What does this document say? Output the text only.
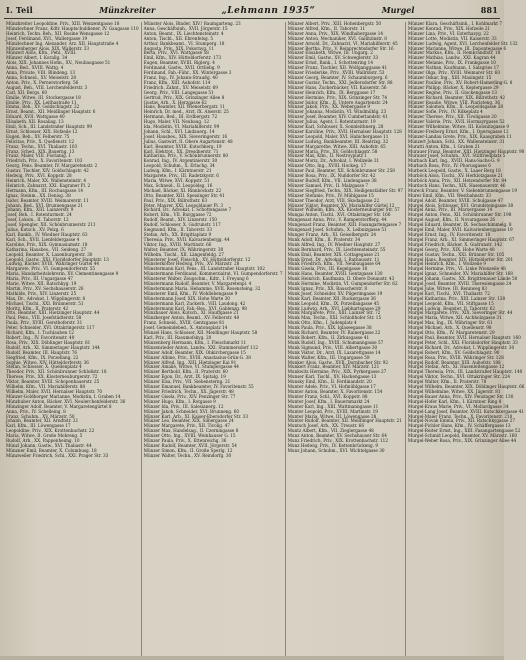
I. Teil	Münzkreiter	„Lehmann 1935“	Murgel	881

Münzkreiter Leopoldine, Priv., XIII. Wenzentgasse 18

Münzlechner Franz, Kdtr. Hauptschuldiener, IV. Gaugasse 110

Heinrich, Techn. Beh., XII. Rosine Wensgasse 12

Josef, Ferdinand, XVI., Wallergasse 19

Münzlechner Ing. Alexander, Arz. XII, Hauptstraße 4

Münzenberger Alois, XIX. Wallerstr. 33

Münzert Alois, Kfm., Pehl., XVIII.

Münzer Albert, I. Korallg. 34

Alois, XIX. Johannes Hofm., XV., Neubaugasse 51

Anna, Bed., XVIII. Wattg. 4

Anna, Private, VIII. Blindeng. 13

Anna, Schneid., XV. Meiselstr. 28

Anton, Priv., X. Pernerstorferg. 56

August, Beh., VIII. Lerchenfelderstr. 3

Carl, XII. Bergs. 60

Emilie, Witwe, III. Stockergasse 18

Emilie, Priv., XX. Leithastraße 11

Emma, Beh., XV. Goldschlagstr. 22

Ernst, Beamt., XII. Meidlinger Hauptstr. 6

Eduard, XVII. Wattgasse 40

Elisabeth, XII. Rosaliag. 13

Emil, Sch., III. Landstraßer Hauptstr. 99

Ernst, Schlosser, XIX. Hofzeile 12

Eugen, Beh., XV. Felberstr. 75

Felicitas, Priv., X. Quellenstr. 12

Franz, Techn., XVI. Thaliastr. 103

Franz, Sched., XIX. Bauerng. 13

Franz, Maler, VIII. Florianig. 1

Friedrich, Priv., X. Favoritenstr. 103

Georg, Pens. Beamter, IV. Margaretenstr. 2

Gustav, Tischler, XIV. Goldschlagstr. 42

Hedwig, Priv., XVI. Koppstr. 28

Heinrich, Maler, XX. Wallensteinstr. 4

Heinrich, Zahnarzt, XXI. Kagraner Pl. 2

Hermann, Kfm., III. Rochusgasse 14

Ignaz, Steinm., XX. Denisg. 38

Isidor, Beamter, XVIII. Weimarerstr. 11

Johann, Bed., XVI. Brunnengasse 21

Johann, Kfm., XIII. Lainzerstr. 9

Josef, Beh., I. Rotenturmstr. 24

Josef, Lokom., II. Taborstr. 12

Josef, Spengler, XII. Schönbrunnerstr. 211

Julius, Kutsch., XV. Pelzg. 6

Karl, Bankb., IV. Wiedner Hauptstr. 63

Karl, Sch., XVII. Lienfeldergasse 4

Karoline, Priv., XIX. Gymnasiumstr. 18

Katharina, Hausbes., VII. Seideng. 27

Leopold, Beamter, X. Laxenburgerstr. 30

Leopold, Gastw., XXI. Floridsdorfer Hauptstr. 13

Ludwig, Bäcker, XVIII. Währinger Gürtel 44

Margarete, Priv., VI. Gumpendorferstr. 55

Maria, Handarbeitslehrerin, XV. Clementinengasse 9

Maria, Priv., III. Ungargasse 47

Marie, Witwe, XII. Ratschkyg. 19

Martin, Priv., XV. Sechshauserstr. 26

Mathilde, Priv., XIV. Linzerstr. 25

Max, Dr., Advokat, I. Wipplingerstr. 8

Michael, Tischl., XXI. Brünnerstr. 51

Moritz, Kfm., II. Praterstr. 42

Otto, Beamter, XIII. Hietzinger Hauptstr. 44

Paul, Pens., VIII. Josefstädterstr. 58

Paula, Priv., XVIII. Gersthoferstr. 31

Peter, Schneider, XVI. Ottakringerstr. 117

Richard, Kfm., I. Tuchlauben 12

Robert, Ing., IV. Favoritenstr. 40

Rosa, Priv., XIX. Döblinger Hauptstr. 81

Rudolf, Arb., XI. Simmeringer Hauptstr. 144

Rudolf, Beamter, III. Hauptstr. 76

Siegfried, Kfm., IX. Porzellang. 22

Sophie, Witwe, XIV. Hütteldorferstr. 36

Stefan, Schlosser, X. Quellenplatz 4

Theodor, Priv., XII. Schönbrunner Schloßstr. 18

Therese, Priv., XX. Klosterneuburgerstr. 72

Viktor, Beamter, XVIII. Schopenhauerstr. 25

Wilhelm, Kfm., VII. Mariahilferstr. 88

Wilhelm, Maler, XVII. Hernalser Hauptstr. 70

Münzer-Goldberger Marianne, Modistin, I. Graben 14

Münzhuber Anton, Bäcker, XVI. Neulerchenfelderstr. 36

Münzinger Adolf, Beamter, V. Margaretengürtel 8

Anna, Priv., IV. Schelleing. 8

Franz, Schuhm., XV. Märzstr. 50

Johann, Beamter, XII. Arndtstr. 21

Karl, Kfm., III. Löwengasse 17

Leopoldine, Priv., XIX. Krottenbachstr. 22

Maria, Witwe, II. Große Mohreng. 5

Rudolf, Arb., XX. Pappenheimg. 10

Münzl Johann, Gastw., XVI. Thaliastr. 44

Münzner Emil, Beamter, X. Columbusg. 18

Münzweiler Friedrich, Schl., XXI. Prager Str. 33

Münster Alois, Binder, XIV.! Baumgarteng. 23

Anna, Geschäftsinh., XVII. Jörgerstr. 15

Anton, Beamt., IX. Liechtensteinstr. 4

Anton, Tischl., XII. Ehrenfelsg. 5

Arthur, Bankbeamt., VI. Stumperg. 18

Augusta, Priv., XIX. Pokornyg. 11

Berta, Priv., XVI. Wattgasse 58

Emil, Kfm., XIV. Hütteldorferstr. 173

Eugen, Beamter, XVIII. Riglerg. 4

Ferdinand, Gastw., XVII. Ortliebg. 9

Ferdinand, Fab.-Führ., XX. Wintergasse 3

Franz, Ing., IV. Johann-Straußg. 40

Franz, Kfm., XIII. Auhofstr. 114

Friedrich, Zahnt., XV. Meiselstr. 69

Georg, Priv., VIII. Langegasse 51

Gertrud, Priv., XIX. Grinzinger Allee 8

Gustav, Arb., X. Herzgasse 62

Hans, Beamter, XII. Wienerbergstr. 11

Heinrich, Dr. med., Arzt, IX. Alserstr. 25

Hermann, Bed., III. Erdbergstr. 72

Hugo, Maler, VII. Neubaug. 12

Ida, Modistin, VI. Mariahilferstr. 99

Johann, Schl., XVI. Lindauerg. 14

Josef, Hausbes., XIX. Sieveringerstr. 16

Julius, Gastwirt, II. Obere Augartenstr. 48

Karl, Beamter, XVIII. Kutschkerg. 19

Karl, Elektrot., XX. Dresdnerstr. 71

Katharina, Priv., V. Schönbrunnerstr. 80

Konrad, Ing., IV. Argentinierstr. 30

Leopold, Schuhm., X. Erlachg. 34

Ludwig, Kfm., I. Kärntnerstr. 21

Margarete, Priv., III. Radetzkystr. 6

Maria, Witwe, XVI. Koppstr. 51

Max, Schneid., II. Leopoldsg. 16

Michael, Bäcker, XI. Rinnböckstr. 22

Otto, Beamter, XIII. Speisinger Str. 41

Paul, Priv., XIX. Billrothstr. 63

Peter, Maurer, XXI. Leopoldauer Pl. 3

Richard, Dr., Advokat, I. Schottengasse 7

Robert, Kfm., VII. Burggasse 72

Rudolf, Beamt., XIV. Linzerstr. 150

Rudolf, Schlosser, X. Gudrunstr. 117

Siegmund, Kfm., II. Taborstr. 33

Stefan, Arb., XX. Brigittaplatz 9

Theresia, Priv., XVII. Kalvarienbergg. 44

Viktor, Ing., XVIII. Martinstr. 66

Walter, Beamter, IX. Währingerstr. 38

Wilhelm, Tischl., XII. Längenfeldg. 27

Münsterer Josef, Fleischh., XV. Hütteldorferstr. 12

Münsterkötter Hedwig, Priv., XV. Märzstr. 28

Münstermann Karl, Pens., III. Landstraßer Hauptstr. 102

Münstermann Ferdinand, Kommerzialrat, VI. Gumpendorferstr. 7

Münsterer Walter, Zeugschm., Kdtr., I. Freyung 6

Münstermann Rudolf, Beamter, V. Margaretenpl. 4

Münstermann Maria, Hebamme, XVII. Rosensteing. 32

Münsterer Emil, Kfm., IV. Wohllebengasse 9

Münstermann Josef, XIX. Hohe Warte 30

Münstermann Karl, Zuckerb., VIII. Laudong. 42

Münstermann Karl, Fab.-Bes., XVI. Gablenzg. 98

Münzbauer Alois, Kutsch., XI. Hauffgasse 21

Münzberger Anton, Beamt., XV. Felberstr. 48

Franz, Schneid., XVIII. Gentzgasse 81

Josef, Gemeindebed., X. Antonsplatz 14

Münzel Hans, Schlosser, XII. Meidlinger Hauptstr. 58

Karl, Priv., III. Rasumofskyg. 20

Münzenberg Hermann, Kfm., I. Fleischmarkt 11

Münzenrieder Anton, Landw., XXI. Stammersdorf 112

Münzer Adolf, Beamter, XIX. Obkirchergasse 15

Münzer Albine, Priv., XVIII. Anastasius-Grün-G. 38

Münzer Alfred, Ing., XIII. Hietzinger Kai 91

Münzer Amalie, Witwe, VI. Stumpergasse 44

Münzer Berthold, Kfm., II. Praterstr. 60

Münzer Egon, Dr., Arzt, IX. Spitalg. 19

Münzer Elsa, Priv., VII. Siebensterng. 21

Münzer Emanuel, Bankbeamter, IV. Favoritenstr. 55

Münzer Friedrich, Techn., XX. Jägerstr. 48

Münzer Gisela, Priv., XIV. Penzinger Str. 77

Münzer Hugo, Kfm., I. Rotgasse 9

Münzer Ida, Priv., III. Salesianerg. 12

Münzer Jakob, Schneider, XVI. Brunneng. 60

Münzer Karl, Arb., XI. Kaiser-Ebersdorfer Str. 33

Münzer Leo, Beamter, XIX. Silbergasse 24

Münzer Margarete, Priv., XII. Tivolig. 47

Münzer Max, Handelsag., II. Czerningasse 8

Münzer Otto, Ing., XVIII. Weinhauser G. 15

Münzer Paula, Priv., X. Ettenreichg. 36

Münzer Rudolf, Beamter, XVII. Jörgerstr. 54

Münzer Simon, Kfm., II. Große Sperlg. 12

Münzer Walter, Techn., XV. Reindorfg. 30

Münzer Albert, Priv., XIII. Hohenbergstr. 50

Münzer Alfred, Kfm., II. Taborstr. 11

Münzer Anna, Priv., XIX. Windhabergasse 14

Münzer Anton, Mechaniker, XVI. Gallitzinstr. 8

Münzer Arnold, Dr., Zahnarzt, VI. Mariahilferstr. 45

Münzer Bertha, Priv., V. Reinprechtsdorfer Str. 16

Münzer Elisabeth, Witwe, III. Ungarg. 2

Münzer Emil, Gastw., XV. Schweglerstr. 33

Münzer Ernst, Bank., I. Schottenring 14

Münzer Franz, Tischler, XII. Wolfganggasse 41

Münzer Friederike, Priv., XVIII. Wallrißstr. 53

Münzer Georg, Beamter, IV. Schaumburgerg. 6

Münzer Gustav, Techn., XXI. Jedlersdorfer Str. 88

Münzer Hans, Zuckerbäcker, VII. Kaiserstr. 56

Münzer Heinrich, Kfm., IX. Berggasse 17

Münzer Hermine, Priv., XIX. Grinzinger Str. 74

Münzer Isidor, Kfm., II. Untere Augartenstr. 24

Münzer Jakob, Priv., XX. Webergasse 9

Münzer Johanna, Modistin, VI. Windmühlg. 23

Münzer Josef, Beamter, XIV. Cumberlandstr. 41

Münzer Julius, Agent, I. Rotenturmstr. 19

Münzer Karl, Schlosser, X. Sonnleithnerg. 28

Münzer Karoline, Priv., XVII. Hernalser Hauptstr. 128

Münzer Leopold, Maler, XVI. Habichergasse 11

Münzer Ludwig, Bankbeamter, III. Beatrixg. 32

Münzer Margarethe, Witwe, XIII. Auhofstr. 65

Münzer Maria, Priv., XV. Goldschlagstr. 58

Münzer Max, Kfm., II. Nestroyplatz 1

Münzer Moriz, Dr., Advokat, I. Wollzeile 31

Münzer Otto, Ing., XVIII. Hockeg. 17

Münzer Paul, Beamter, XII. Schönbrunner Str. 258

Münzer Rosa, Priv., IX. Nußdorfer Str. 42

Münzer Rudolf, Kfm., VII. Lindengasse 38

Münzer Samuel, Priv., II. Malzgasse 7

Münzer Siegfried, Techn., XIX. Heiligenstädter Str. 97

Münzer Stefanie, Priv., IV. Mühlgasse 15

Münzer Theodor, Arzt, VIII. Skodagasse 22

Münzer Viktor, Beamter, XV. Mariahilfer Gürtel 12

Münzer Wilhelm, Kfm., XX. Klosterneuburger Str. 57

Mungai Anton, Tischl., XVI. Ottakringer Str. 166

Mungenast Anna, Priv., V. Ramperstorfferg. 44

Mungenast Franz, Beamter, XIII. Fasangartengasse 7

Mungenast Josef, Schuhm., X. Leibnizgasse 51

Munger Franz, Arb., XI. Geiselbergstr. 24

Munk Adolf, Kfm., II. Praterstr. 34

Munk Alfred, Ing., IV. Wiedner Hauptstr. 27

Munk Bernhard, Priv., IX. Liechtensteinstr. 55

Munk Emil, Beamter, XIX. Cottagegasse 21

Munk Ernst, Dr., Advokat, I. Rathausstr. 11

Munk Friedrich, Kfm., VII. Neubaugasse 64

Munk Gisela, Priv., III. Kegelgasse 18

Munk Hans, Beamter, XVIII. Gentzgasse 130

Munk Heinrich, Kaufmann, II. Obere Donaustr. 43

Munk Hermine, Modistin, VI. Gumpendorfer Str. 62

Munk Ignaz, Priv., XX. Rauscherstr. 8

Munk Josef, Schneider, XV. Pilgerimgasse 19

Munk Karl, Beamter, XII. Ruckergasse 36

Munk Leopold, Kfm., IX. Porzellangasse 45

Munk Ludwig, Arb., XVI. Liebhartsgasse 29

Munk Margarete, Priv., XIII. Lainzer Str. 72

Munk Max, Techn., XXI. Schloßhofer Str. 15

Munk Otto, Kfm., I. Judenplatz 4

Munk Paula, Priv., XIX. Iglaseegasse 38

Munk Richard, Beamter, IV. Rainergasse 22

Munk Robert, Kfm., II. Zirkusgasse 41

Munk Rudolf, Ing., XVIII. Schumanngasse 57

Munk Sigmund, Priv., VIII. Albertgasse 30

Munk Viktor, Dr., Arzt, IX. Lazarettgasse 14

Munk Walter, Kfm., III. Ungargasse 59

Munker Alois, Gastw., XVII. Dornbacher Str. 92

Munkert Franz, Beamter, XIV. Märzstr. 121

Munkwitz Hermine, Priv., XIX. Pyrkergasse 27

Munser Karl, Tischl., XV. Hackengasse 13

Munsky Emil, Kfm., II. Ferdinandstr. 20

Munter Adele, Priv., VI. Hofmühlgasse 17

Munter Anton, Beamter, X. Favoritenstr. 154

Munter Franz, Schl., XVI. Koppstr. 88

Munter Josef, Kfm., I. Bauernmarkt 24

Munter Karl, Ing., XIII. Wattmanngasse 11

Munter Leopold, Priv., XVIII. Martinstr. 19

Munter Maria, Witwe, III. Löwengasse 28

Munter Rudolf, Beamter, XII. Meidlinger Hauptstr. 21

Muntsch Josef, Arb., XX. Treustr. 66

Muntz Albert, Kfm., VII. Zieglergasse 48

Munz Anton, Beamter, XV. Sechshauser Str. 64

Munz Friedrich, Priv., XIX. Krottenbachstr. 112

Munz Hedwig, Priv., IV. Kettenbrückeng. 9

Munz Johann, Schuhm., XVI. Wichtelgasse 30

Münzer Klara, Geschäftsinh., I. Kohlmarkt 7

Münzer Konrad, Priv., XIX. Hofzeile 21

Münzer Lina, Priv., VI. Esterhazyg. 22

Münzer Lotte, Modistin, VII. Kaiserstr. 33

Münzer Ludwig, Agent, XVI. Lerchenfelder Str. 132

Münzer Marianne, Witwe, III. Dapontegasse 6

Münzer Markus, Kfm., II. Rembrandtstr. 18

Münzer Mathias, Landw., XXI. Kagran 44

Münzer Melanie, Priv., IX. Frankgasse 10

Münzer Nathan, Kaufmann, I. Salzgries 17

Münzer Olga, Priv., XVIII. Weimarer Str. 60

Münzer Oskar, Ing., XIII. Maxingstr. 15

Münzer Pauline, Priv., XV. Robert-Hamerling-G. 8

Münzer Philipp, Bäcker, X. Keplergasse 29

Münzer Regine, Priv., II. Glockengasse 13

Münzer Richard, Beamter, XIX. Billrothstr. 42

Münzer Rosalie, Witwe, VIII. Piaristeng. 36

Münzer Salomon, Kfm., II. Leopoldsgasse 28

Münzer Sofie, Priv., IV. Rilkeplatz 4

Münzer Therese, Priv., XII. Tivoligasse 20

Münzer Valerie, Priv., XVII. Hormayrgasse 52

Münzer Wilhelmine, Witwe, III. Kolonitzgasse 9

Münzer-Freiberg Ernst, Kfm., I. Operngasse 12

Münzer-Landau Grete, Priv., XIX. Kaasgraben 11

Münzert Johann, Schl., XX. Wallensteinstr. 31

Muratti Anton, Kfm., I. Graben 21

Murauer Franz, Beamter, XIII. Hietzinger Hauptstr. 90

Murauer Josef, Schuhm., XVI. Stillfriedplatz 5

Murbach Karl, Ing., XVIII. Hans-Sachs-G. 9

Murbach Rosa, Priv., IV. Phorusgasse 6

Murbeck Leopold, Gastw., X. Laaer Berg 18

Murböck Alois, Tischl., XV. Herklotzgasse 21

Murböck Anna, Priv., XII. Hetzendorfer Str. 84

Murdoch Hans, Techn., XIX. Hasenauerstr. 46

Mureck Franz, Beamter, V. Siebenbrunnengasse 19

Murer Emil, Kfm., VII. Westbahnstr. 33

Murgel Adolf, Beamter, XVIII. Schulgasse 47

Murgel Alois, Schlosser, XVI. Grundsteingasse 38

Murgel Anna, Priv., III. Marxergasse 14

Murgel Anton, Pens., XII. Schönbrunner Str. 198

Murgel August, Kfm., II. Novaragasse 26

Murgel Eduard, Beamter, IX. Sechsschimmelg. 8

Murgel Emil, Maler, XVII. Kalvarienberggasse 19

Murgel Ernst, Ing., IV. Favoritenstr. 18

Murgel Franz, Arb., XI. Simmeringer Hauptstr. 67

Murgel Friedrich, Bäcker, X. Gudrunstr. 142

Murgel Georg, Priv., XIX. Hohe Warte 48

Murgel Gustav, Techn., XXI. Brünner Str. 105

Murgel Hans, Beamter, XIV. Hütteldorfer Str. 201

Murgel Heinrich, Kfm., I. Wollzeile 9

Murgel Hermine, Priv., VI. Linke Wienzeile 48

Murgel Ignaz, Schneider, XV. Mariahilfer Str. 168

Murgel Johann, Gastw., XX. Brigittenauer Lände 50

Murgel Josef, Beamter, XVIII. Theresiengasse 24

Murgel Julie, Witwe, III. Rennweg 83

Murgel Karl, Tischl., XVI. Thaliastr. 72

Murgel Katharina, Priv., XIII. Lainzer Str. 138

Murgel Leopold, Kfm., VII. Stiftgasse 15

Murgel Ludwig, Beamter, II. Taborstr. 62

Murgel Margarete, Priv., XIX. Sieveringer Str. 44

Murgel Maria, Witwe, XII. Aichholzgasse 31

Murgel Max, Ing., IX. Währinger Str. 61

Murgel Michael, Arb., X. Quellenstr. 98

Murgel Otto, Kfm., IV. Margaretenstr. 29

Murgel Paul, Beamter, XVII. Hernalser Hauptstr. 160

Murgel Peter, Schl., XXI. Floridsdorfer Hauptstr. 33

Murgel Richard, Dr., Advokat, I. Wipplingerstr. 30

Murgel Robert, Kfm., XV. Goldschlagstr. 90

Murgel Rosa, Priv., XVIII. Währinger Str. 128

Murgel Rudolf, Beamter, XIII. Auhofstr. 188

Murgel Stefan, Arb., XI. Hasenleitengasse 12

Murgel Theresia, Priv., III. Landstraßer Hauptstr. 140

Murgel Viktor, Techn., XVI. Ottakringer Str. 224

Murgel Walter, Kfm., II. Praterstr. 78

Murgel Wilhelm, Beamter, XIX. Döblinger Hauptstr. 66

Murgel Wilhelmine, Witwe, XX. Jägerstr. 81

Murgel-Bauer Anna, Priv., XIV. Penzinger Str. 130

Murgel-Hofer Karl, Kfm., I. Kärntner Ring 8

Murgel-Kraus Marie, Priv., VI. Mollardgasse 34

Murgel-Lang Josef, Beamter, XVIII. Kutschkergasse 41

Murgel-Maier Franz, Techn., X. Favoritenstr. 210

Murgel-Novak Emma, Priv., XII. Ratschkygasse 27

Murgel-Pichler Hans, Kfm., IV. Schäffergasse 13

Murgel-Reiter Ernst, Ing., XIII. Fasangartengasse 52

Murgel-Schmid Leopold, Beamter, XV. Märzstr. 160

Murgel-Weber Rosa, Priv., XIX. Grinzinger Allee 44
